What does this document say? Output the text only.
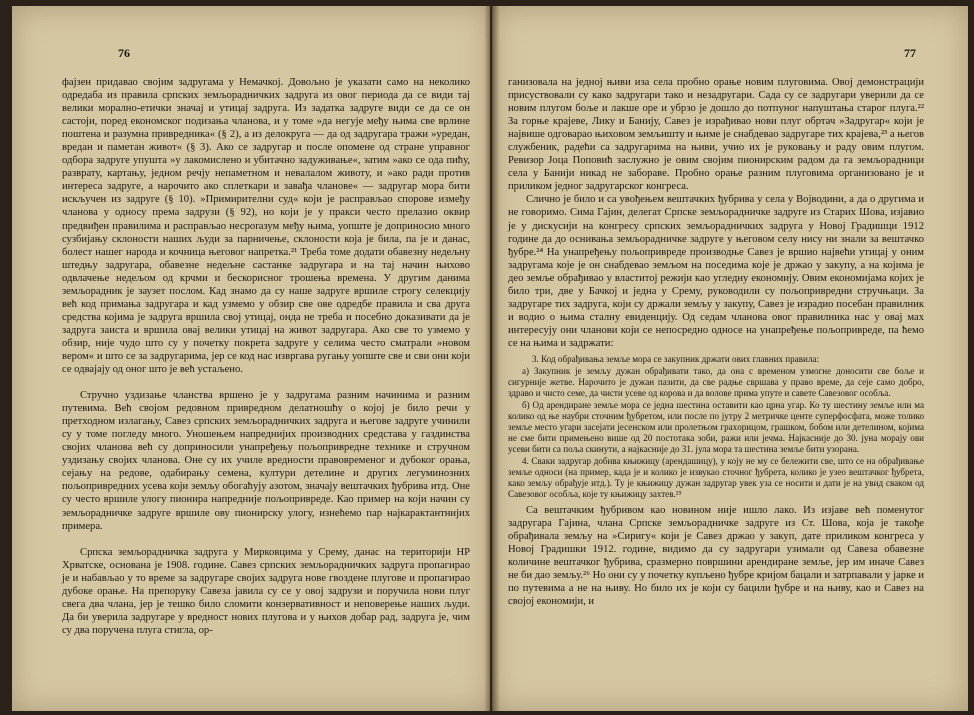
76

фајзен придавао својим задругама у Немачкој. Довољно је указати само на неколико одредаба из правила српских земљорадничких задруга из овог периода да се види тај велики морално-етички значај и утицај задруга. Из задатка задруге види се да се он састоји, поред економског подизања чланова, и у томе »да негује међу њима све врлине поштена и разумна привредника« (§ 2), а из делокруга — да од задругара тражи »уредан, вредан и паметан живот« (§ 3). Ако се задругар и после опомене од стране управног одбора задруге упушта »у лакомислено и убитачно задуживање«, затим »ако се ода пићу, разврату, картању, једном речју непаметном и невалалом животу, и »ако ради против интереса задруге, а нарочито ако сплеткари и завађа чланове« — задругар мора бити искључен из задруге (§ 10). »Примирителни суд« који је расправљао спорове између чланова у односу према задрузи (§ 92), но који је у пракси често прелазио оквир предвиђен правилима и расправљао несporазум међу њима, уопште је доприносио много сузбијању склоности наших људи за парничење, склоности која је била, па је и данас, болест нашег народа и кочница његовог напретка.²¹ Треба томе додати обавезну недељну штедњу задругара, обавезне недељне састанке задругара и на тај начин њихово одвлачење недељом од крчми и бескорисног трошења времена. У другим данима земљорадник је заузет послом. Кад знамо да су наше задруге вршиле строгу селекцију већ код примања задругара и кад узмемо у обзир све ове одредбе правила и сва друга средства којима је задруга вршила свој утицај, онда не треба и посебно доказивати да је задруга заиста и вршила овај велики утицај на живот задругара. Ако све то узмемо у обзир, није чудо што су у почетку покрета задруге у селима често сматрали »новом вером« и што се за задругарима, јер се код нас извргава ругању уопште све и сви они који се одвајају од оног што је већ устаљено.

Стручно уздизање чланства вршено је у задругама разним начинима и разним путевима. Већ својом редовном привредном делатношћу о којој је било речи у претходном излагању, Савез српских земљорадничких задруга и његове задруге учинили су у томе погледу много. Уношењем напреднијих производних средстава у газдинства својих чланова већ су доприносили унапређењу пољопривредне технике и стручном уздизању својих чланова. Оне су их училе вредности правовременог и дубоког орања, сејању на редове, одабирању семена, култури детелине и других легуминозних пољопривредних усева који земљу обогаћују азотом, значају вештачких ђубрива итд. Оне су често вршиле улогу пионира напредније пољопривреде. Као пример на који начин су земљорадничке задруге вршиле ову пионирску улогу, изнећемо пар најкарактантнијих примера.

Српска земљорадничка задруга у Мирковцима у Срему, данас на територији НР Хрватске, основана је 1908. године. Савез српских земљорадничких задруга пропагирао је и набављао у то време за задругаре својих задруга нове гвоздене плугове и пропагирао дубоке орање. На препоруку Савеза јавила су се у овој задрузи и поручила нови плуг свега два члана, јер је тешко било сломити конзервативност и неповерење наших људи. Да би уверила задругаре у вредност нових плугова и у њихов добар рад, задруга је, чим су два поручена плуга стигла, ор-

77

ганизовала на једној њиви иза села пробно орање новим плуговима. Овој демонстрацији присуствовали су како задругари тако и незадругари. Сада су се задругари уверили да се новим плугом боље и лакше оре и убрзо је дошло до потпуног напуштања старог плуга.²² За горње крајеве, Лику и Банију, Савез је израђивао нови плуг обртач »Задругар« који је највише одговарао њиховом земљишту и њиме је снабдевао задругаре тих крајева,²³ а његов службеник, радећи са задругарима на њиви, учио их је руковању и раду овим плугом. Ревизор Јоца Поповић заслужно је овим својим пионирским радом да га земљорадници села у Банији никад не забораве. Пробно орање разним плуговима организовано је и приликом једног задругарског конгреса.

Слично је било и са увођењем вештачких ђубрива у села у Војводини, а да о другима и не говоримо. Сима Гајин, делегат Српске земљорадничке задруге из Старих Шова, изјавио је у дискусији на конгресу српских земљорадничких задруга у Новој Градишци 1912 године да до оснивања земљорадничке задруге у његовом селу нису ни знали за вештачко ђубре.²⁴ На унапређењу пољопривреде производње Савез је вршио највећи утицај у оним задругама које је он снабдевао земљом на поседима које је држао у закупу, а на којима је део земље обрађивао у властитој режији као угледну економију. Овим економијама којих је било три, две у Бачкој и једна у Срему, руководили су пољопривредни стручњаци. За задругаре тих задруга, који су држали земљу у закупу, Савез је израдио посебан правилник и водио о њима сталну евиденцију. Од седам чланова овог правилника нас у овај мах интересују они чланови који се непосредно односе на унапређење пољопривреде, па ћемо се на њима и задржати:

3. Код обрађивања земље мора се закупник држати ових главних правила:

а) Закупник је земљу дужан обрађивати тако, да она с временом узмогне доносити све боље и сигурније жетве. Нарочито је дужан пазити, да све радње свршава у право време, да сеје само добро, здраво и чисто семе, да чисти усеве од корова и да волове прима упуте и савете Савезовог особља.

б) Од арендиране земље мора се једна шестина оставити као црна угар. Ко ту шестину земље или ма колико од ње наубри сточним ђубретом, или после по јутру 2 метричке центе суперфосфата, може толико земље место угари засејати јесенском или пролетњом граxорицом, грашком, бобом или детелином, којима не сме бити примењено више од 20 постотака зоби, ражи или јечма. Најкасније до 30. јуна морају ови усеви бити са поља скинути, а најкасније до 31. јула мора та шестина земље бити узорана.

4. Сваки задругар добива књижицу (арендашицу), у коју не му се бележити све, што се на обрађивање земље односи (на пример, када је и колико је извукао сточног ђубрета, колико је узео вештачког ђубрета, како земљу обрађује итд.). Ту је књижицу дужан задругар увек уза се носити и дати је на увид сваком од Савезовог особља, које ту књижицу захтев.²⁵

Са вештачким ђубривом као новином није ишло лако. Из изјаве већ поменутог задругара Гајина, члана Српске земљорадничке задруге из Ст. Шова, која је такође обрађивала земљу на »Сиригу« који је Савез држао у закуп, дате приликом конгреса у Новој Градишки 1912. године, видимо да су задругари узимали од Савеза обавезне количине вештачког ђубрива, сразмерно површини арендиране земље, јер им иначе Савез не би дао земљу.²⁶ Но они су у почетку купљено ђубре кријом бацали и затрпавали у јарке и по путевима а не на њиву. Но било их је који су бацили ђубре и на њиву, као и Савез на својој економији, и
